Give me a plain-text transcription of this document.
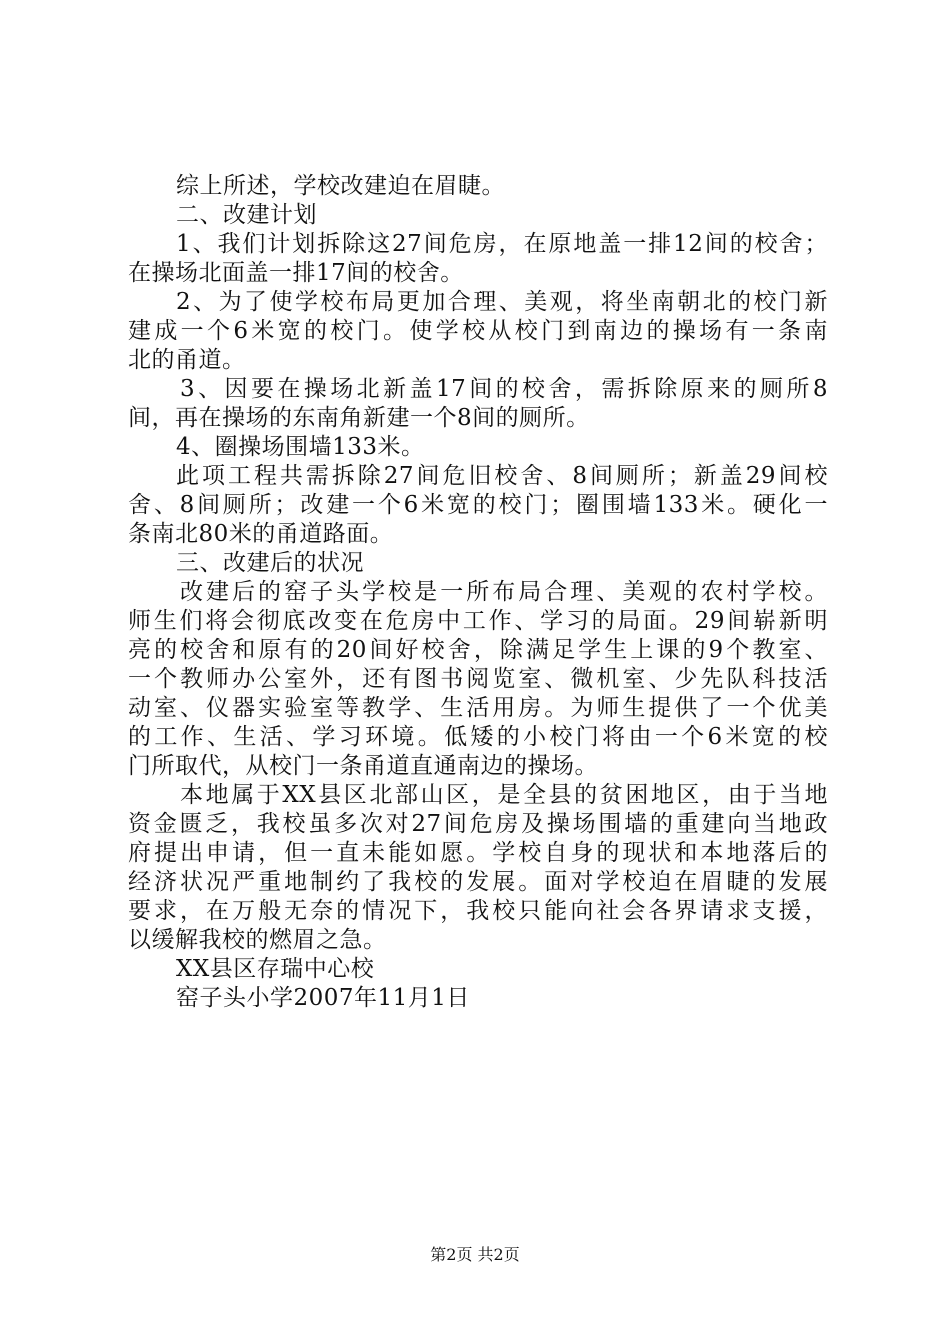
综上所述，学校改建迫在眉睫。

二、改建计划

1、我们计划拆除这27间危房，在原地盖一排12间的校舍；

在操场北面盖一排17间的校舍。

2、为了使学校布局更加合理、美观，将坐南朝北的校门新

建成一个6米宽的校门。使学校从校门到南边的操场有一条南

北的甬道。

3、因要在操场北新盖17间的校舍，需拆除原来的厕所8

间，再在操场的东南角新建一个8间的厕所。

4、圈操场围墙133米。

此项工程共需拆除27间危旧校舍、8间厕所；新盖29间校

舍、8间厕所；改建一个6米宽的校门；圈围墙133米。硬化一

条南北80米的甬道路面。

三、改建后的状况

改建后的窑子头学校是一所布局合理、美观的农村学校。

师生们将会彻底改变在危房中工作、学习的局面。29间崭新明

亮的校舍和原有的20间好校舍，除满足学生上课的9个教室、

一个教师办公室外，还有图书阅览室、微机室、少先队科技活

动室、仪器实验室等教学、生活用房。为师生提供了一个优美

的工作、生活、学习环境。低矮的小校门将由一个6米宽的校

门所取代，从校门一条甬道直通南边的操场。

本地属于XX县区北部山区，是全县的贫困地区，由于当地

资金匮乏，我校虽多次对27间危房及操场围墙的重建向当地政

府提出申请，但一直未能如愿。学校自身的现状和本地落后的

经济状况严重地制约了我校的发展。面对学校迫在眉睫的发展

要求，在万般无奈的情况下，我校只能向社会各界请求支援，

以缓解我校的燃眉之急。

XX县区存瑞中心校

窑子头小学2007年11月1日

第2页 共2页
